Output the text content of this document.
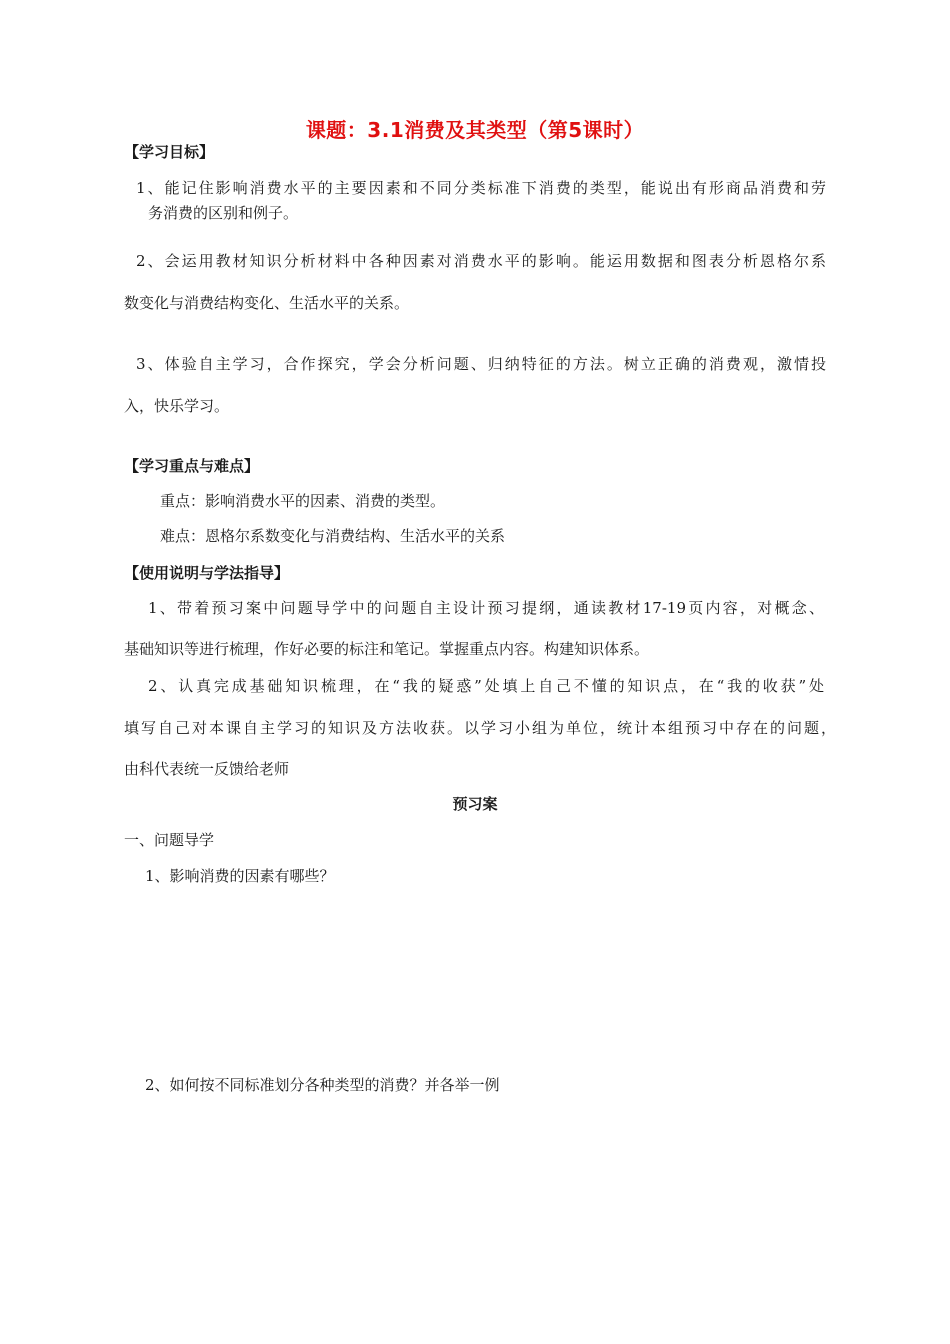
课题：3.1消费及其类型（第5课时）
【学习目标】
1、能记住影响消费水平的主要因素和不同分类标准下消费的类型，能说出有形商品消费和劳
务消费的区别和例子。
2、会运用教材知识分析材料中各种因素对消费水平的影响。能运用数据和图表分析恩格尔系
数变化与消费结构变化、生活水平的关系。
3、体验自主学习，合作探究，学会分析问题、归纳特征的方法。树立正确的消费观，激情投
入，快乐学习。
【学习重点与难点】
重点：影响消费水平的因素、消费的类型。
难点：恩格尔系数变化与消费结构、生活水平的关系
【使用说明与学法指导】
1、带着预习案中问题导学中的问题自主设计预习提纲，通读教材17-19页内容，对概念、
基础知识等进行梳理，作好必要的标注和笔记。掌握重点内容。构建知识体系。
2、认真完成基础知识梳理，在“我的疑惑”处填上自己不懂的知识点，在“我的收获”处
填写自己对本课自主学习的知识及方法收获。以学习小组为单位，统计本组预习中存在的问题，
由科代表统一反馈给老师
预习案
一、问题导学
1、影响消费的因素有哪些？
2、如何按不同标准划分各种类型的消费？并各举一例
